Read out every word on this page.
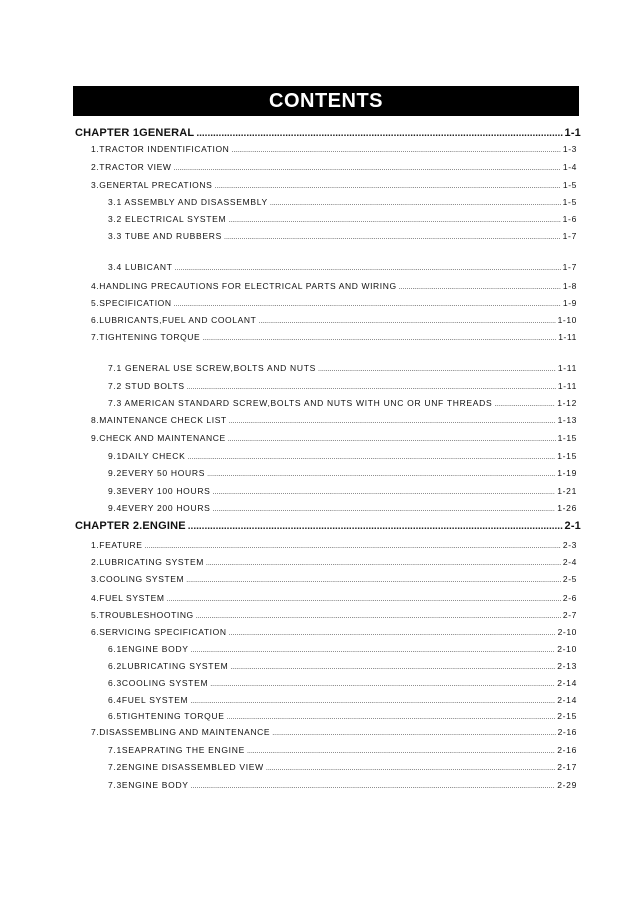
CONTENTS
CHAPTER 1GENERAL .....	1-1
1.TRACTOR INDENTIFICATION .....	1-3
2.TRACTOR VIEW .....	1-4
3.GENERTAL PRECATIONS .....	1-5
3.1 ASSEMBLY AND DISASSEMBLY .....	1-5
3.2 ELECTRICAL SYSTEM .....	1-6
3.3 TUBE AND RUBBERS .....	1-7
3.4 LUBICANT .....	1-7
4.HANDLING PRECAUTIONS FOR ELECTRICAL PARTS AND WIRING .....	1-8
5.SPECIFICATION .....	1-9
6.LUBRICANTS,FUEL AND COOLANT .....	1-10
7.TIGHTENING TORQUE .....	1-11
7.1 GENERAL USE SCREW,BOLTS AND NUTS .....	1-11
7.2 STUD BOLTS .....	1-11
7.3 AMERICAN STANDARD SCREW,BOLTS AND NUTS WITH UNC OR UNF THREADS .....	1-12
8.MAINTENANCE CHECK LIST .....	1-13
9.CHECK AND MAINTENANCE .....	1-15
9.1DAILY CHECK .....	1-15
9.2EVERY 50 HOURS .....	1-19
9.3EVERY 100 HOURS .....	1-21
9.4EVERY 200 HOURS .....	1-26
CHAPTER 2.ENGINE .....	2-1
1.FEATURE .....	2-3
2.LUBRICATING SYSTEM .....	2-4
3.COOLING SYSTEM .....	2-5
4.FUEL SYSTEM .....	2-6
5.TROUBLESHOOTING .....	2-7
6.SERVICING SPECIFICATION .....	2-10
6.1ENGINE BODY .....	2-10
6.2LUBRICATING SYSTEM .....	2-13
6.3COOLING SYSTEM .....	2-14
6.4FUEL SYSTEM .....	2-14
6.5TIGHTENING TORQUE .....	2-15
7.DISASSEMBLING AND MAINTENANCE .....	2-16
7.1SEAPRATING THE ENGINE .....	2-16
7.2ENGINE DISASSEMBLED VIEW .....	2-17
7.3ENGINE BODY .....	2-29
